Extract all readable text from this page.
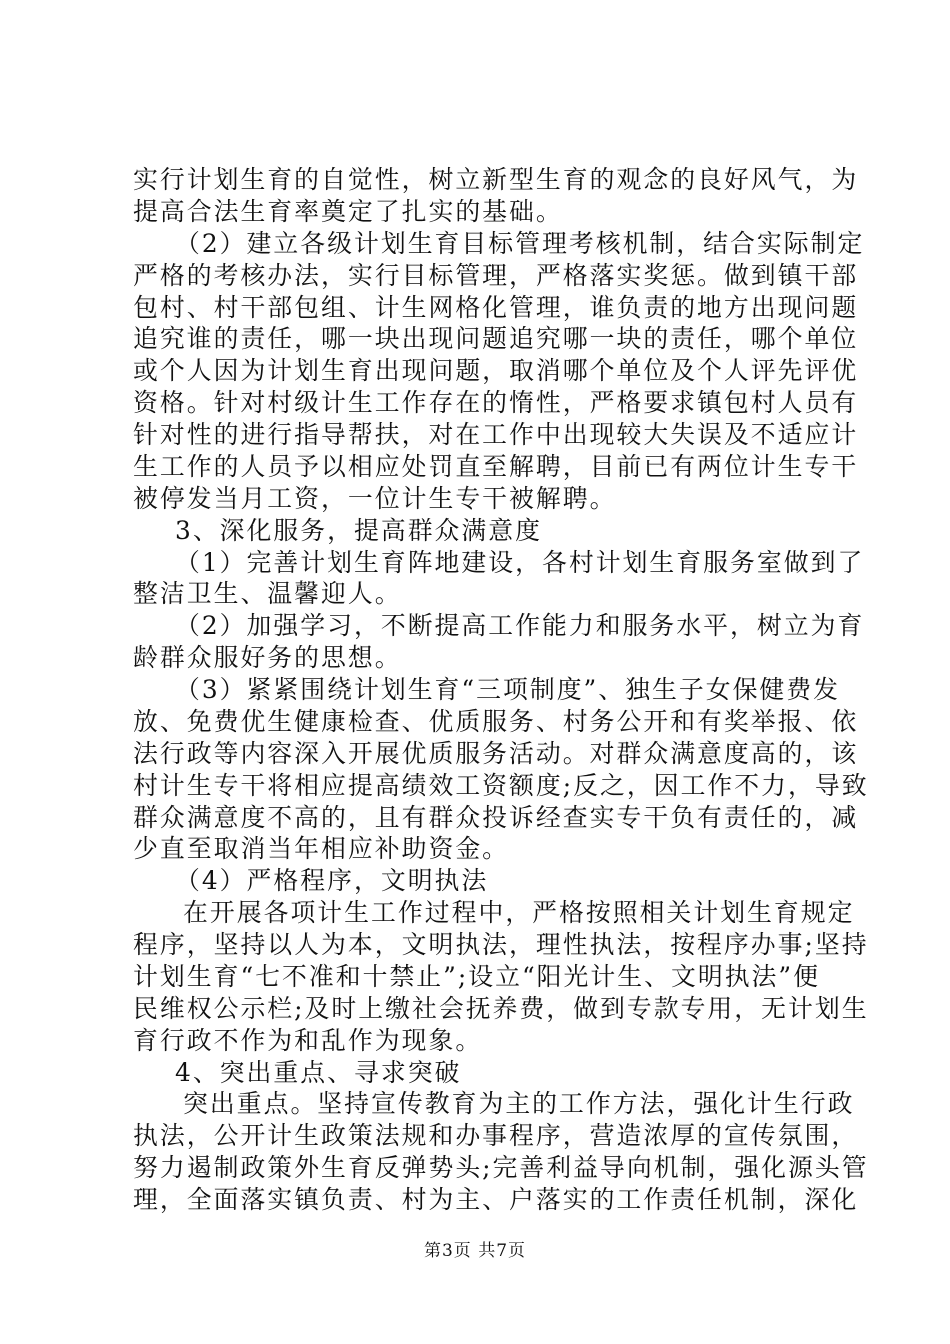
实行计划生育的自觉性，树立新型生育的观念的良好风气，为
提高合法生育率奠定了扎实的基础。
（2）建立各级计划生育目标管理考核机制，结合实际制定
严格的考核办法，实行目标管理，严格落实奖惩。做到镇干部
包村、村干部包组、计生网格化管理，谁负责的地方出现问题
追究谁的责任，哪一块出现问题追究哪一块的责任，哪个单位
或个人因为计划生育出现问题，取消哪个单位及个人评先评优
资格。针对村级计生工作存在的惰性，严格要求镇包村人员有
针对性的进行指导帮扶，对在工作中出现较大失误及不适应计
生工作的人员予以相应处罚直至解聘，目前已有两位计生专干
被停发当月工资，一位计生专干被解聘。
3、深化服务，提高群众满意度
（1）完善计划生育阵地建设，各村计划生育服务室做到了
整洁卫生、温馨迎人。
（2）加强学习，不断提高工作能力和服务水平，树立为育
龄群众服好务的思想。
（3）紧紧围绕计划生育“三项制度”、独生子女保健费发
放、免费优生健康检查、优质服务、村务公开和有奖举报、依
法行政等内容深入开展优质服务活动。对群众满意度高的，该
村计生专干将相应提高绩效工资额度;反之，因工作不力，导致
群众满意度不高的，且有群众投诉经查实专干负有责任的，减
少直至取消当年相应补助资金。
（4）严格程序，文明执法
在开展各项计生工作过程中，严格按照相关计划生育规定
程序，坚持以人为本，文明执法，理性执法，按程序办事;坚持
计划生育“七不准和十禁止”;设立“阳光计生、文明执法”便
民维权公示栏;及时上缴社会抚养费，做到专款专用，无计划生
育行政不作为和乱作为现象。
4、突出重点、寻求突破
突出重点。坚持宣传教育为主的工作方法，强化计生行政
执法，公开计生政策法规和办事程序，营造浓厚的宣传氛围，
努力遏制政策外生育反弹势头;完善利益导向机制，强化源头管
理，全面落实镇负责、村为主、户落实的工作责任机制，深化
第3页 共7页
